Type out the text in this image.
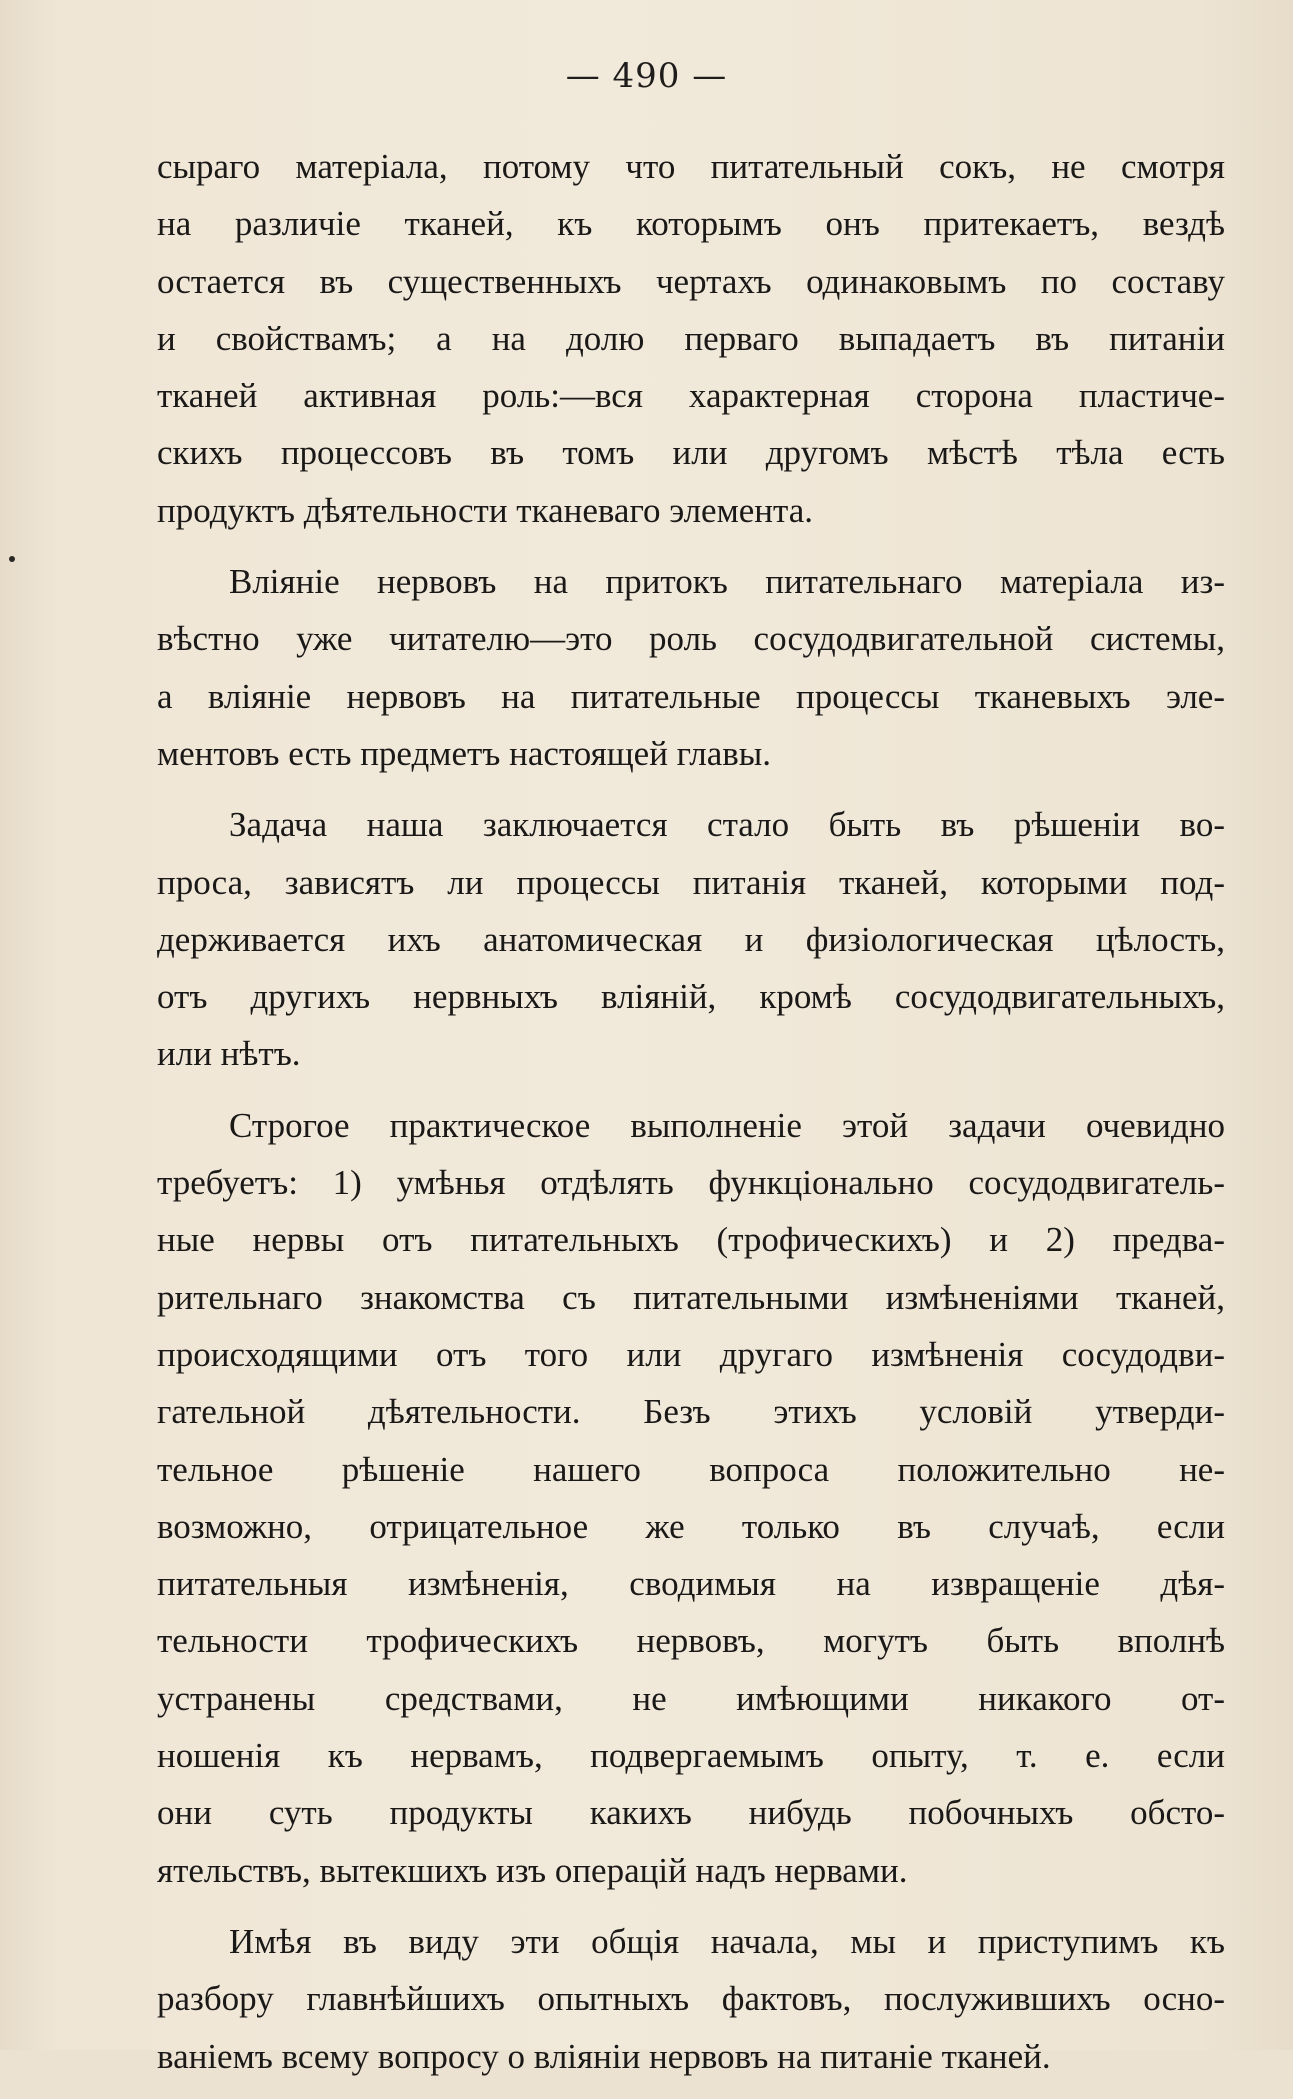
— 490 —
сыраго матеріала, потому что питательный сокъ, не смотря
на различіе тканей, къ которымъ онъ притекаетъ, вездѣ
остается въ существенныхъ чертахъ одинаковымъ по составу
и свойствамъ; а на долю перваго выпадаетъ въ питаніи
тканей активная роль:—вся характерная сторона пластиче-
скихъ процессовъ въ томъ или другомъ мѣстѣ тѣла есть
продуктъ дѣятельности тканеваго элемента.
Вліяніе нервовъ на притокъ питательнаго матеріала из-
вѣстно уже читателю—это роль сосудодвигательной системы,
а вліяніе нервовъ на питательные процессы тканевыхъ эле-
ментовъ есть предметъ настоящей главы.
Задача наша заключается стало быть въ рѣшеніи во-
проса, зависятъ ли процессы питанія тканей, которыми под-
держивается ихъ анатомическая и физіологическая цѣлость,
отъ другихъ нервныхъ вліяній, кромѣ сосудодвигательныхъ,
или нѣтъ.
Строгое практическое выполненіе этой задачи очевидно
требуетъ: 1) умѣнья отдѣлять функціонально сосудодвигатель-
ные нервы отъ питательныхъ (трофическихъ) и 2) предва-
рительнаго знакомства съ питательными измѣненіями тканей,
происходящими отъ того или другаго измѣненія сосудодви-
гательной дѣятельности. Безъ этихъ условій утверди-
тельное рѣшеніе нашего вопроса положительно не-
возможно, отрицательное же только въ случаѣ, если
питательныя измѣненія, сводимыя на извращеніе дѣя-
тельности трофическихъ нервовъ, могутъ быть вполнѣ
устранены средствами, не имѣющими никакого от-
ношенія къ нервамъ, подвергаемымъ опыту, т. е. если
они суть продукты какихъ нибудь побочныхъ обсто-
ятельствъ, вытекшихъ изъ операцій надъ нервами.
Имѣя въ виду эти общія начала, мы и приступимъ къ
разбору главнѣйшихъ опытныхъ фактовъ, послужившихъ осно-
ваніемъ всему вопросу о вліяніи нервовъ на питаніе тканей.
